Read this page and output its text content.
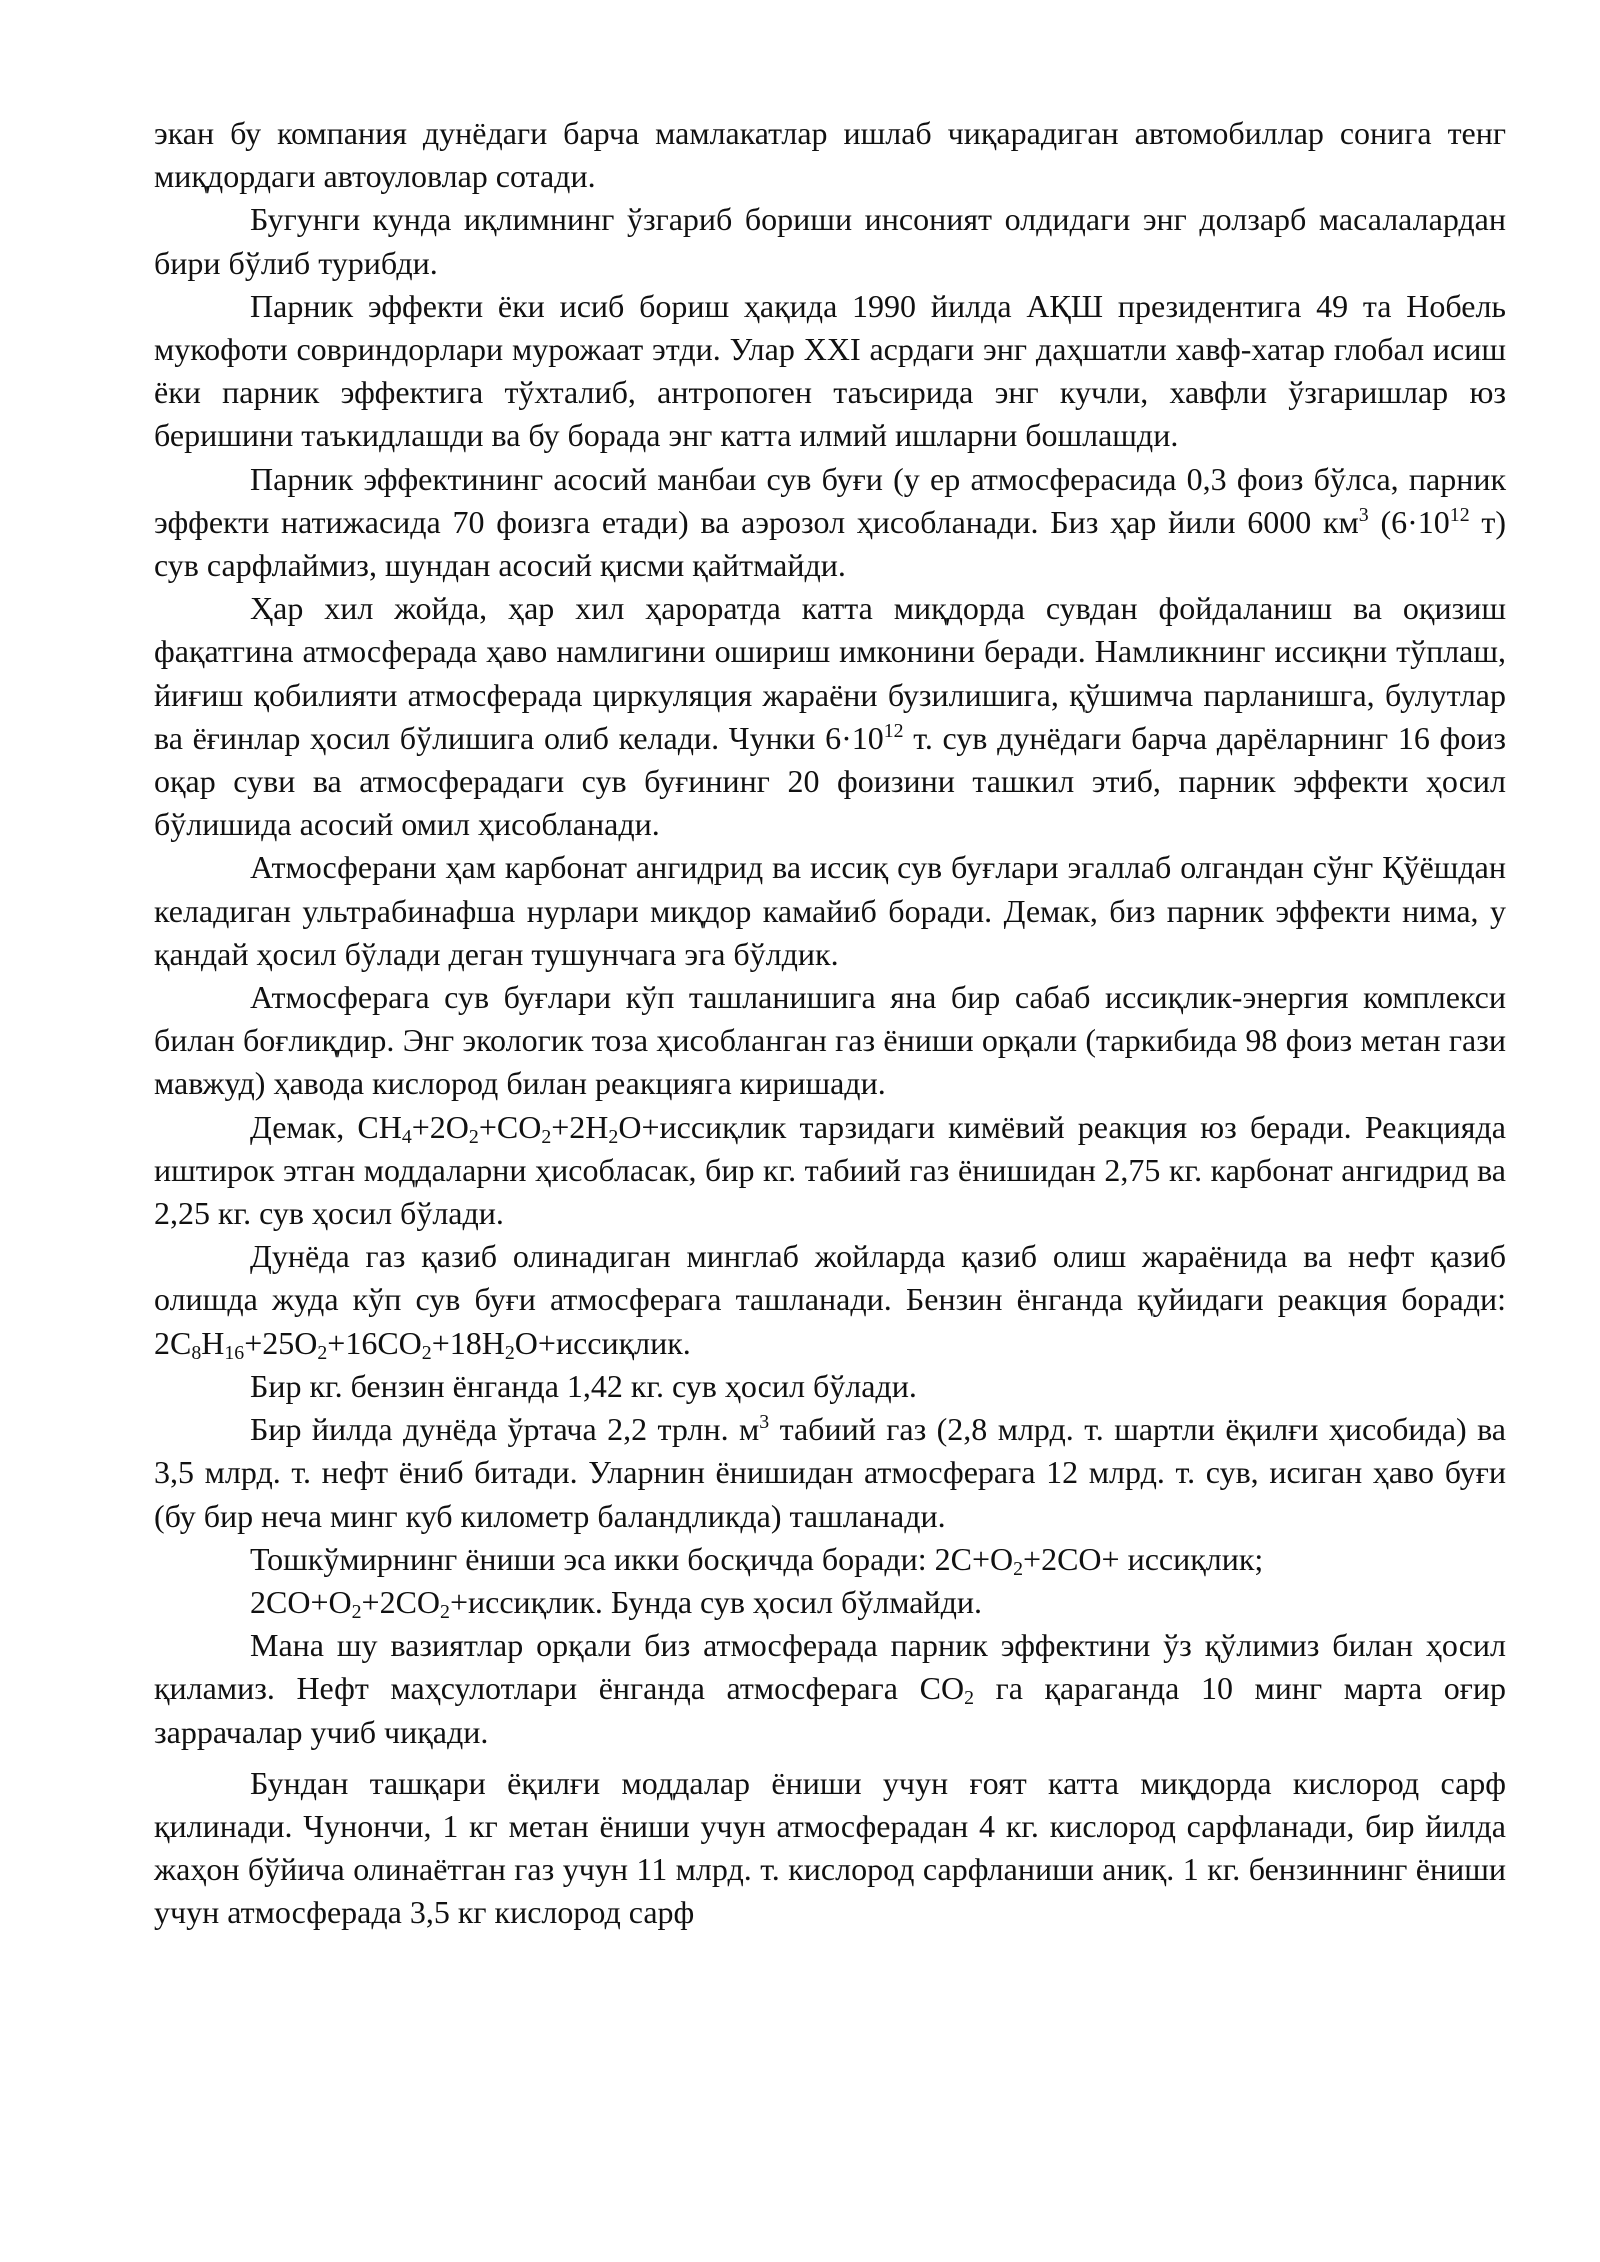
экан бу компания дунёдаги барча мамлакатлар ишлаб чиқарадиган автомобиллар сонига тенг миқдордаги автоуловлар сотади.

Бугунги кунда иқлимнинг ўзгариб бориши инсоният олдидаги энг долзарб масалалардан бири бўлиб турибди.

Парник эффекти ёки исиб бориш ҳақида 1990 йилда АҚШ президентига 49 та Нобель мукофоти совриндорлари мурожаат этди. Улар XXI асрдаги энг даҳшатли хавф-хатар глобал исиш ёки парник эффектига тўхталиб, антропоген таъсирида энг кучли, хавфли ўзгаришлар юз беришини таъкидлашди ва бу борада энг катта илмий ишларни бошлашди.

Парник эффектининг асосий манбаи сув буғи (у ер атмосферасида 0,3 фоиз бўлса, парник эффекти натижасида 70 фоизга етади) ва аэрозол ҳисобланади. Биз ҳар йили 6000 $км^3$ ($6\cdot 10^{12}$ т) сув сарфлаймиз, шундан асосий қисми қайтмайди.

Ҳар хил жойда, ҳар хил ҳароратда катта миқдорда сувдан фойдаланиш ва оқизиш фақатгина атмосферада ҳаво намлигини ошириш имконини беради. Намликнинг иссиқни тўплаш, йиғиш қобилияти атмосферада циркуляция жараёни бузилишига, қўшимча парланишга, булутлар ва ёғинлар ҳосил бўлишига олиб келади. Чунки $6\cdot 10^{12}$ т. сув дунёдаги барча дарёларнинг 16 фоиз оқар суви ва атмосферадаги сув буғининг 20 фоизини ташкил этиб, парник эффекти ҳосил бўлишида асосий омил ҳисобланади.

Атмосферани ҳам карбонат ангидрид ва иссиқ сув буғлари эгаллаб олгандан сўнг Қўёшдан келадиган ультрабинафша нурлари миқдор камайиб боради. Демак, биз парник эффекти нима, у қандай ҳосил бўлади деган тушунчага эга бўлдик.

Атмосферага сув буғлари кўп ташланишига яна бир сабаб иссиқлик-энергия комплекси билан боғлиқдир. Энг экологик тоза ҳисобланган газ ёниши орқали (таркибида 98 фоиз метан гази мавжуд) ҳавода кислород билан реакцияга киришади.

Демак, $CH_4+2O_2+CO_2+2H_2O+иссиқлик$ тарзидаги кимёвий реакция юз беради. Реакцияда иштирок этган моддаларни ҳисобласак, бир кг. табиий газ ёнишидан 2,75 кг. карбонат ангидрид ва 2,25 кг. сув ҳосил бўлади.

Дунёда газ қазиб олинадиган минглаб жойларда қазиб олиш жараёнида ва нефт қазиб олишда жуда кўп сув буғи атмосферага ташланади. Бензин ёнганда қуйидаги реакция боради: $2C_8H_{16}+25O_2+16CO_2+18H_2O+иссиқлик$.

Бир кг. бензин ёнганда 1,42 кг. сув ҳосил бўлади.

Бир йилда дунёда ўртача 2,2 трлн. $м^3$ табиий газ (2,8 млрд. т. шартли ёқилғи ҳисобида) ва 3,5 млрд. т. нефт ёниб битади. Уларнин ёнишидан атмосферага 12 млрд. т. сув, исиган ҳаво буғи (бу бир неча минг куб километр баландликда) ташланади.

Тошкўмирнинг ёниши эса икки босқичда боради: $2C+O_2+2CO+$ иссиқлик;

$2CO+O_2+2CO_2+иссиқлик$. Бунда сув ҳосил бўлмайди.

Мана шу вазиятлар орқали биз атмосферада парник эффектини ўз қўлимиз билан ҳосил қиламиз. Нефт маҳсулотлари ёнганда атмосферага $CO_2$ га қараганда 10 минг марта оғир заррачалар учиб чиқади.

Бундан ташқари ёқилғи моддалар ёниши учун ғоят катта миқдорда кислород сарф қилинади. Чунончи, 1 кг метан ёниши учун атмосферадан 4 кг. кислород сарфланади, бир йилда жаҳон бўйича олинаётган газ учун 11 млрд. т. кислород сарфланиши аниқ. 1 кг. бензиннинг ёниши учун атмосферада 3,5 кг кислород сарф
